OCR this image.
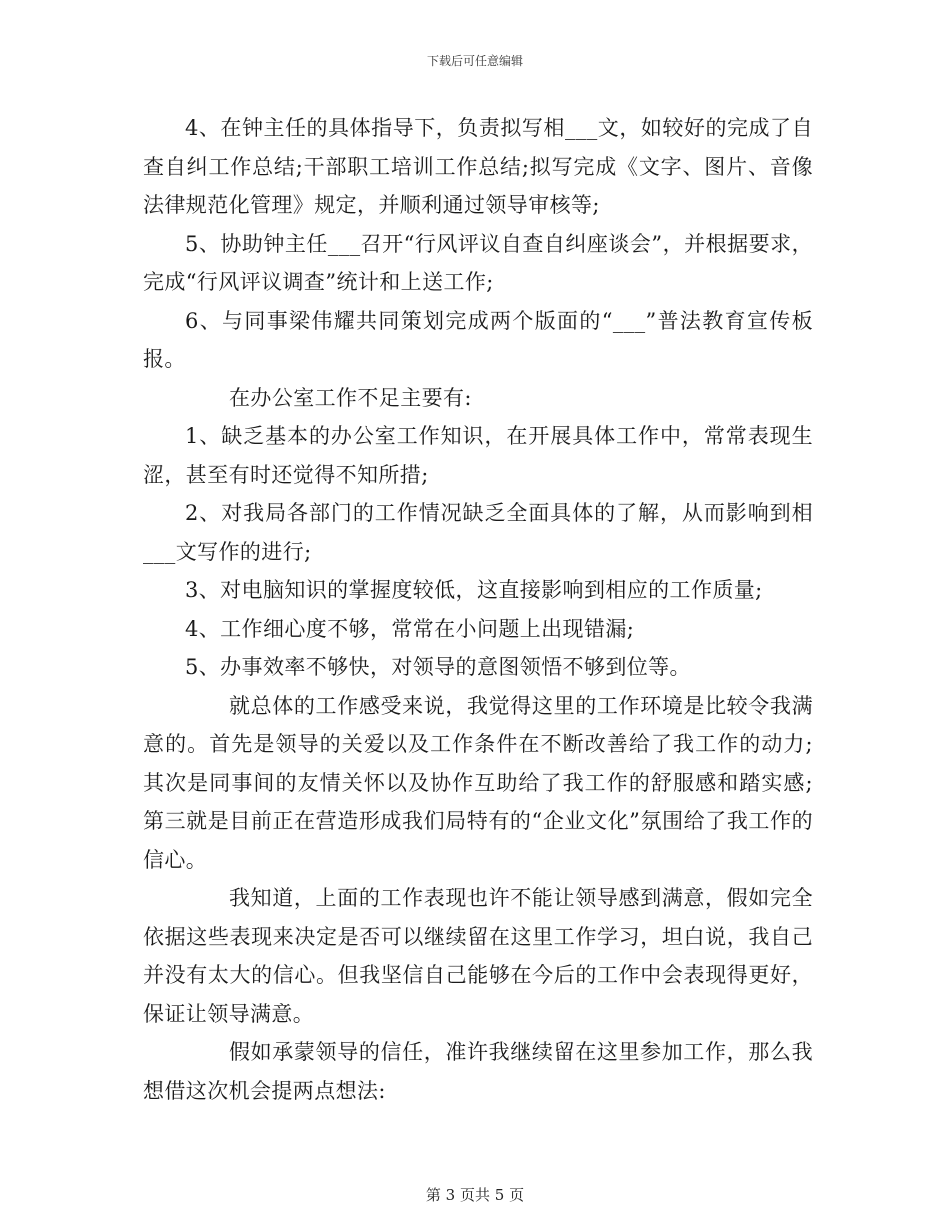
下载后可任意编辑

4、在钟主任的具体指导下，负责拟写相___文，如较好的完成了自查自纠工作总结;干部职工培训工作总结;拟写完成《文字、图片、音像法律规范化管理》规定，并顺利通过领导审核等;

5、协助钟主任___召开“行风评议自查自纠座谈会”，并根据要求，完成“行风评议调查”统计和上送工作;

6、与同事梁伟耀共同策划完成两个版面的“___”普法教育宣传板报。

在办公室工作不足主要有:

1、缺乏基本的办公室工作知识，在开展具体工作中，常常表现生涩，甚至有时还觉得不知所措;

2、对我局各部门的工作情况缺乏全面具体的了解，从而影响到相___文写作的进行;

3、对电脑知识的掌握度较低，这直接影响到相应的工作质量;

4、工作细心度不够，常常在小问题上出现错漏;

5、办事效率不够快，对领导的意图领悟不够到位等。

就总体的工作感受来说，我觉得这里的工作环境是比较令我满意的。首先是领导的关爱以及工作条件在不断改善给了我工作的动力;其次是同事间的友情关怀以及协作互助给了我工作的舒服感和踏实感;第三就是目前正在营造形成我们局特有的“企业文化”氛围给了我工作的信心。

我知道，上面的工作表现也许不能让领导感到满意，假如完全依据这些表现来决定是否可以继续留在这里工作学习，坦白说，我自己并没有太大的信心。但我坚信自己能够在今后的工作中会表现得更好，保证让领导满意。

假如承蒙领导的信任，准许我继续留在这里参加工作，那么我想借这次机会提两点想法:

第 3 页共 5 页
